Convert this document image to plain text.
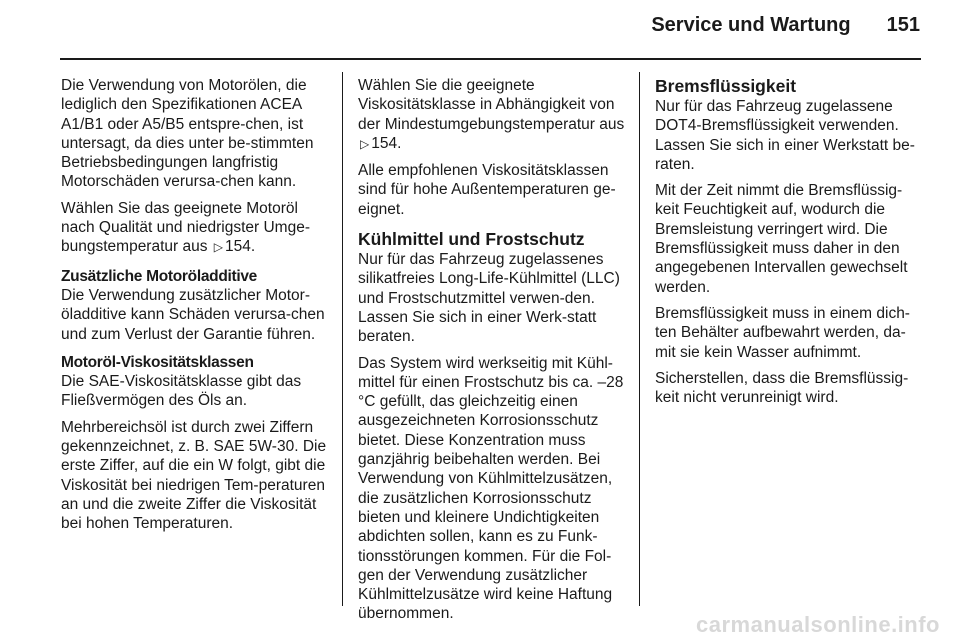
Service und Wartung 151

Die Verwendung von Motorölen, die lediglich den Spezifikationen ACEA A1/B1 oder A5/B5 entspre-chen, ist untersagt, da dies unter be-stimmten Betriebsbedingungen langfristig Motorschäden verursa-chen kann.

Wählen Sie das geeignete Motoröl nach Qualität und niedrigster Umge-bungstemperatur aus ▷ 154.

Zusätzliche Motoröladditive

Die Verwendung zusätzlicher Motor-öladditive kann Schäden verursa-chen und zum Verlust der Garantie führen.

Motoröl-Viskositätsklassen

Die SAE-Viskositätsklasse gibt das Fließvermögen des Öls an.

Mehrbereichsöl ist durch zwei Ziffern gekennzeichnet, z. B. SAE 5W-30. Die erste Ziffer, auf die ein W folgt, gibt die Viskosität bei niedrigen Tem-peraturen an und die zweite Ziffer die Viskosität bei hohen Temperaturen.

Wählen Sie die geeignete Viskositätsklasse in Abhängigkeit von der Mindestumgebungstemperatur aus ▷ 154.

Alle empfohlenen Viskositätsklassen sind für hohe Außentemperaturen ge-eignet.

Kühlmittel und Frostschutz

Nur für das Fahrzeug zugelassenes silikatfreies Long-Life-Kühlmittel (LLC) und Frostschutzmittel verwen-den. Lassen Sie sich in einer Werk-statt beraten.

Das System wird werkseitig mit Kühl-mittel für einen Frostschutz bis ca. –28 °C gefüllt, das gleichzeitig einen ausgezeichneten Korrosionsschutz bietet. Diese Konzentration muss ganzjährig beibehalten werden. Bei Verwendung von Kühlmittelzusätzen, die zusätzlichen Korrosionsschutz bieten und kleinere Undichtigkeiten abdichten sollen, kann es zu Funk-tionsstörungen kommen. Für die Fol-gen der Verwendung zusätzlicher Kühlmittelzusätze wird keine Haftung übernommen.

Bremsflüssigkeit

Nur für das Fahrzeug zugelassene DOT4-Bremsflüssigkeit verwenden. Lassen Sie sich in einer Werkstatt be-raten.

Mit der Zeit nimmt die Bremsflüssig-keit Feuchtigkeit auf, wodurch die Bremsleistung verringert wird. Die Bremsflüssigkeit muss daher in den angegebenen Intervallen gewechselt werden.

Bremsflüssigkeit muss in einem dich-ten Behälter aufbewahrt werden, da-mit sie kein Wasser aufnimmt.

Sicherstellen, dass die Bremsflüssig-keit nicht verunreinigt wird.

carmanualsonline.info
